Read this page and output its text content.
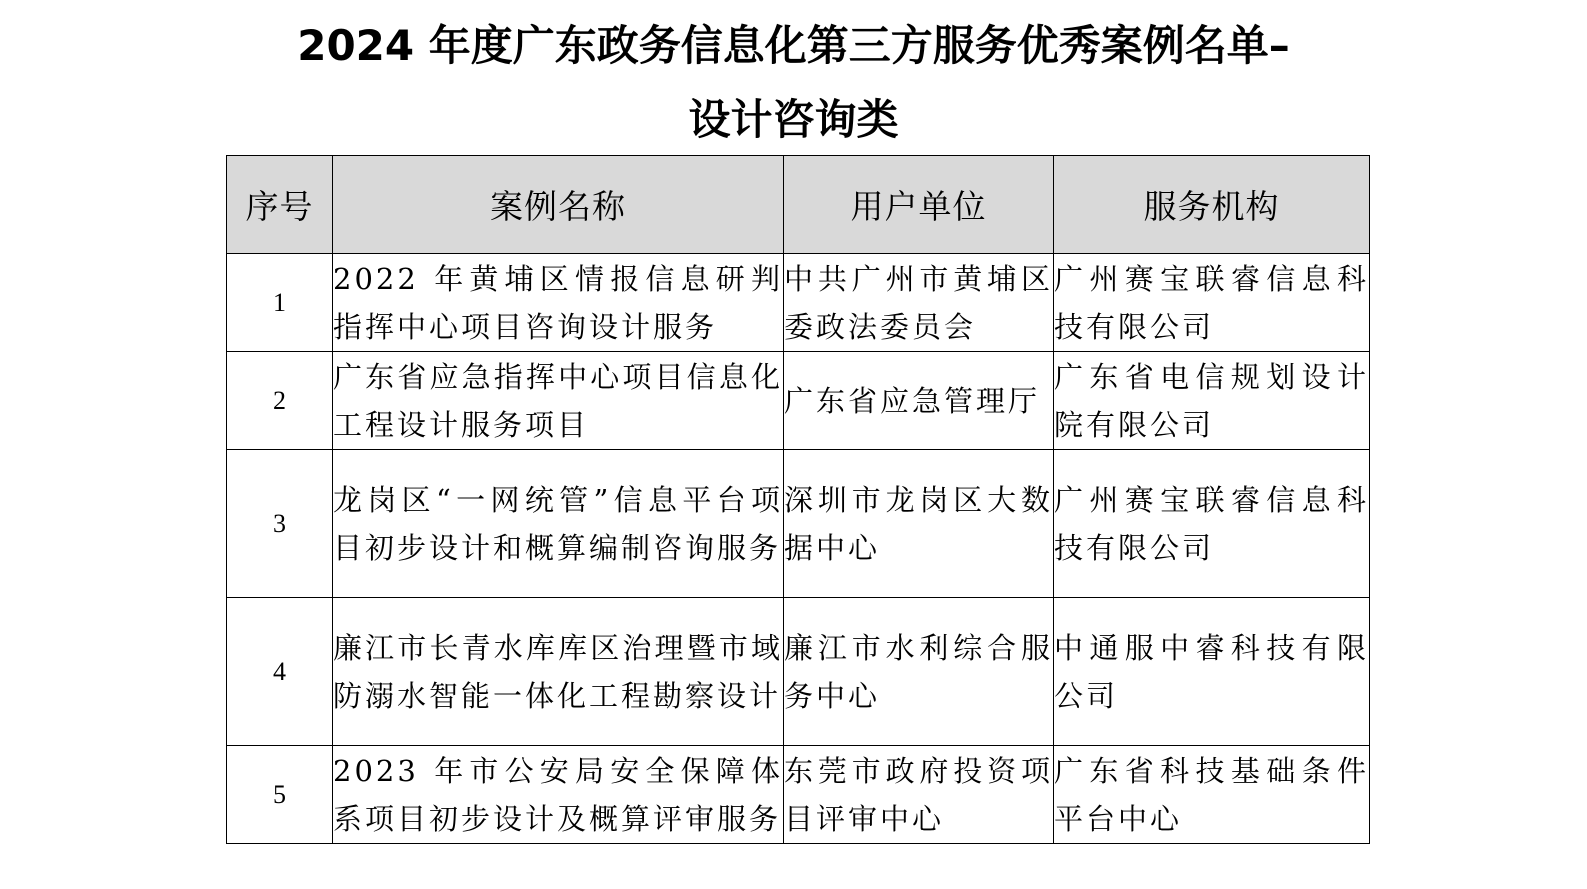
2024 年度广东政务信息化第三方服务优秀案例名单–
设计咨询类
序号	案例名称	用户单位	服务机构
1	2022 年黄埔区情报信息研判指挥中心项目咨询设计服务	中共广州市黄埔区委政法委员会	广州赛宝联睿信息科技有限公司
2	广东省应急指挥中心项目信息化工程设计服务项目	广东省应急管理厅	广东省电信规划设计院有限公司
3	龙岗区“一网统管”信息平台项目初步设计和概算编制咨询服务	深圳市龙岗区大数据中心	广州赛宝联睿信息科技有限公司
4	廉江市长青水库库区治理暨市域防溺水智能一体化工程勘察设计	廉江市水利综合服务中心	中通服中睿科技有限公司
5	2023 年市公安局安全保障体系项目初步设计及概算评审服务	东莞市政府投资项目评审中心	广东省科技基础条件平台中心
